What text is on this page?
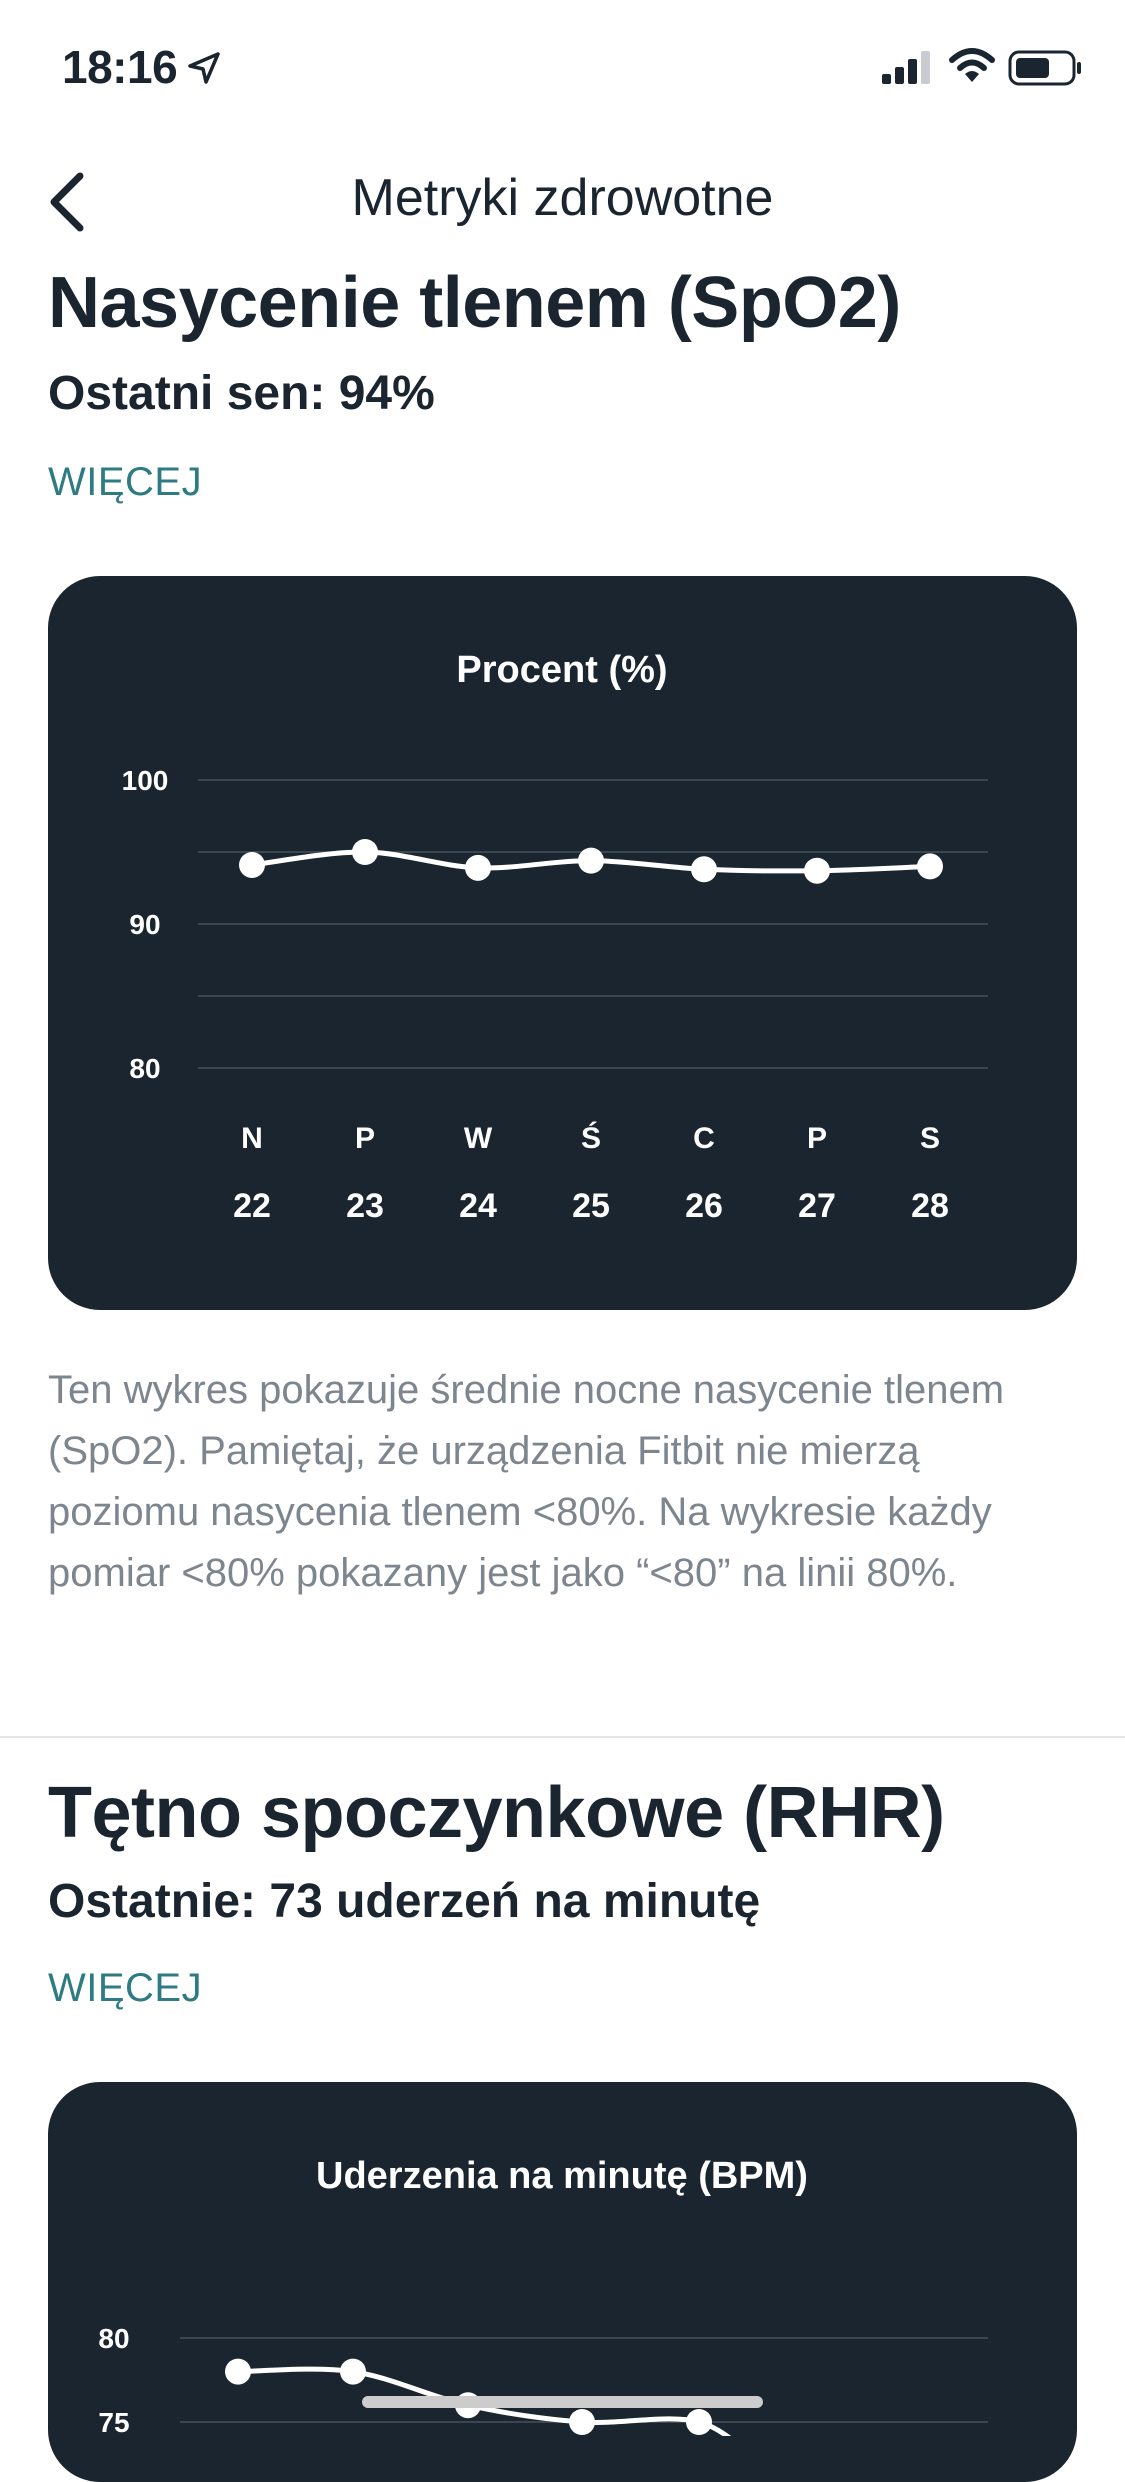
18:16
Metryki zdrowotne
Nasycenie tlenem (SpO2)
Ostatni sen: 94%
WIĘCEJ
Procent (%)
100
90
80
N
22
P
23
W
24
Ś
25
C
26
P
27
S
28
Ten wykres pokazuje średnie nocne nasycenie tlenem (SpO2). Pamiętaj, że urządzenia Fitbit nie mierzą poziomu nasycenia tlenem <80%. Na wykresie każdy pomiar <80% pokazany jest jako “<80” na linii 80%.
Tętno spoczynkowe (RHR)
Ostatnie: 73 uderzeń na minutę
WIĘCEJ
Uderzenia na minutę (BPM)
80
75
